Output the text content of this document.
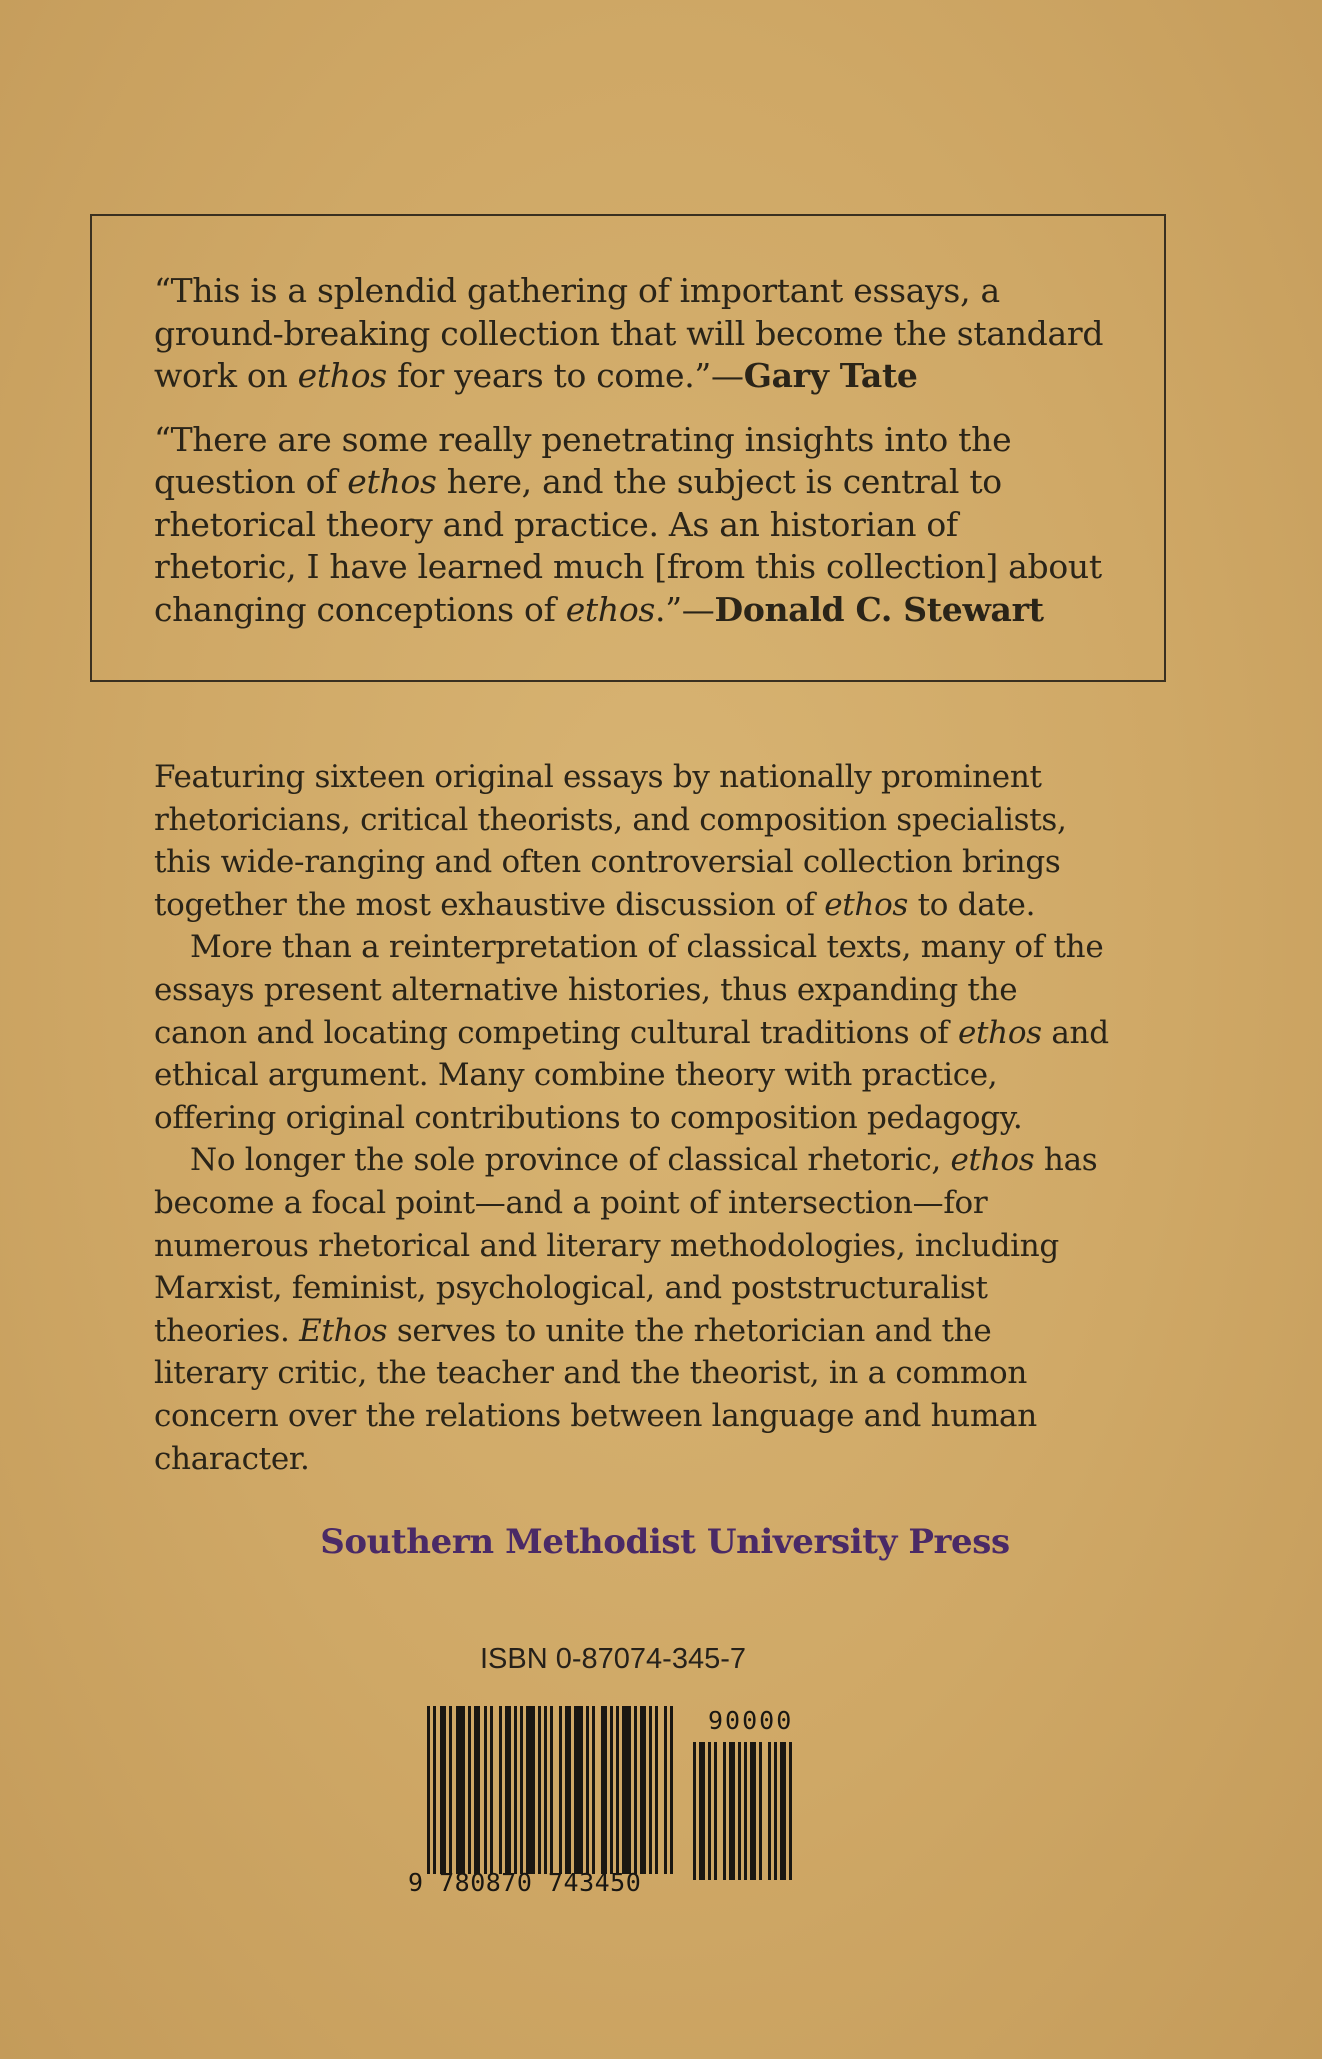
“This is a splendid gathering of important essays, a ground-breaking collection that will become the standard work on ethos for years to come.”—Gary Tate

“There are some really penetrating insights into the question of ethos here, and the subject is central to rhetorical theory and practice. As an historian of rhetoric, I have learned much [from this collection] about changing conceptions of ethos.”—Donald C. Stewart

Featuring sixteen original essays by nationally prominent rhetoricians, critical theorists, and composition specialists, this wide-ranging and often controversial collection brings together the most exhaustive discussion of ethos to date.

More than a reinterpretation of classical texts, many of the essays present alternative histories, thus expanding the canon and locating competing cultural traditions of ethos and ethical argument. Many combine theory with practice, offering original contributions to composition pedagogy.

No longer the sole province of classical rhetoric, ethos has become a focal point—and a point of intersection—for numerous rhetorical and literary methodologies, including Marxist, feminist, psychological, and poststructuralist theories. Ethos serves to unite the rhetorician and the literary critic, the teacher and the theorist, in a common concern over the relations between language and human character.

Southern Methodist University Press
ISBN 0-87074-345-7
90000
9 780870 743450
